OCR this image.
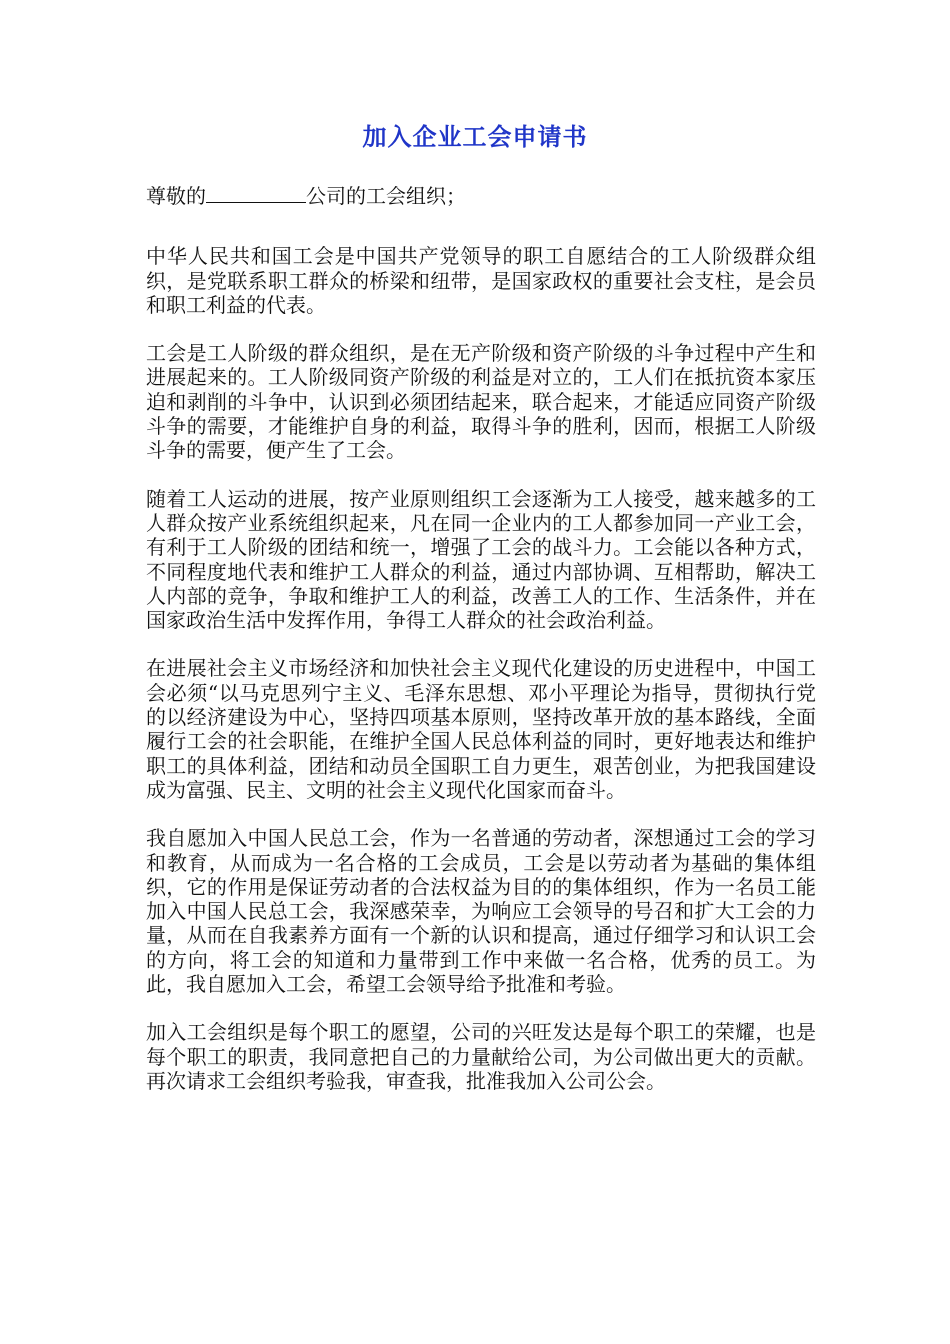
加入企业工会申请书

尊敬的	公司的工会组织；

中华人民共和国工会是中国共产党领导的职工自愿结合的工人阶级群众组织，是党联系职工群众的桥梁和纽带，是国家政权的重要社会支柱，是会员和职工利益的代表。

工会是工人阶级的群众组织，是在无产阶级和资产阶级的斗争过程中产生和进展起来的。工人阶级同资产阶级的利益是对立的，工人们在抵抗资本家压迫和剥削的斗争中，认识到必须团结起来，联合起来，才能适应同资产阶级斗争的需要，才能维护自身的利益，取得斗争的胜利，因而，根据工人阶级斗争的需要，便产生了工会。

随着工人运动的进展，按产业原则组织工会逐渐为工人接受，越来越多的工人群众按产业系统组织起来，凡在同一企业内的工人都参加同一产业工会，有利于工人阶级的团结和统一，增强了工会的战斗力。工会能以各种方式，不同程度地代表和维护工人群众的利益，通过内部协调、互相帮助，解决工人内部的竞争，争取和维护工人的利益，改善工人的工作、生活条件，并在国家政治生活中发挥作用，争得工人群众的社会政治利益。

在进展社会主义市场经济和加快社会主义现代化建设的历史进程中，中国工会必须“以马克思列宁主义、毛泽东思想、邓小平理论为指导，贯彻执行党的以经济建设为中心，坚持四项基本原则，坚持改革开放的基本路线，全面履行工会的社会职能，在维护全国人民总体利益的同时，更好地表达和维护职工的具体利益，团结和动员全国职工自力更生，艰苦创业，为把我国建设成为富强、民主、文明的社会主义现代化国家而奋斗。

我自愿加入中国人民总工会，作为一名普通的劳动者，深想通过工会的学习和教育，从而成为一名合格的工会成员，工会是以劳动者为基础的集体组织，它的作用是保证劳动者的合法权益为目的的集体组织，作为一名员工能加入中国人民总工会，我深感荣幸，为响应工会领导的号召和扩大工会的力量，从而在自我素养方面有一个新的认识和提高，通过仔细学习和认识工会的方向，将工会的知道和力量带到工作中来做一名合格，优秀的员工。为此，我自愿加入工会，希望工会领导给予批准和考验。

加入工会组织是每个职工的愿望，公司的兴旺发达是每个职工的荣耀，也是每个职工的职责，我同意把自己的力量献给公司，为公司做出更大的贡献。再次请求工会组织考验我，审查我，批准我加入公司公会。
